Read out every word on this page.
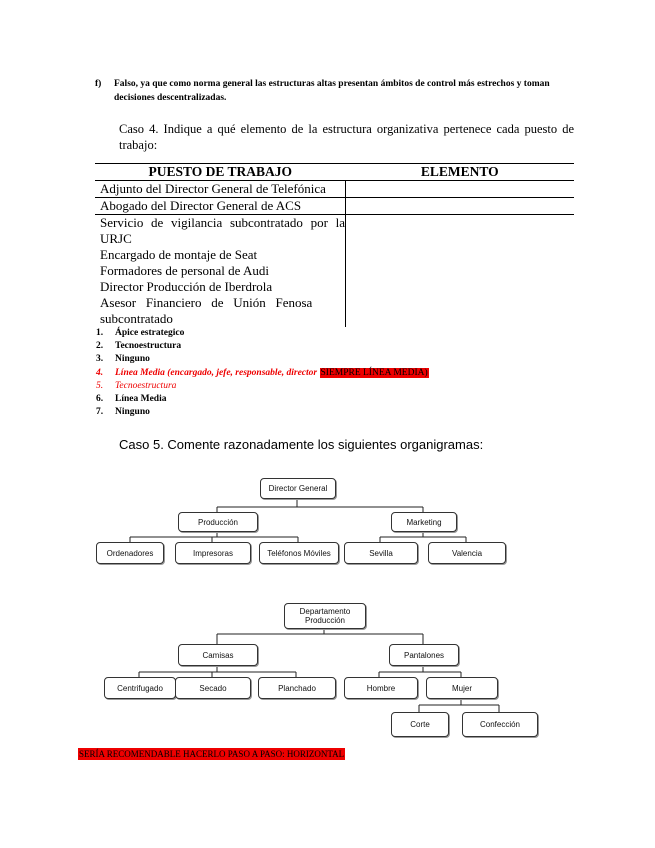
f) Falso, ya que como norma general las estructuras altas presentan ámbitos de control más estrechos y toman decisiones descentralizadas.
Caso 4. Indique a qué elemento de la estructura organizativa pertenece cada puesto de trabajo:
PUESTO DE TRABAJO	ELEMENTO
Adjunto del Director General de Telefónica	
Abogado del Director General de ACS	
Servicio de vigilancia subcontratado por la	
URJC	
Encargado de montaje de Seat	
Formadores de personal de Audi	
Director Producción de Iberdrola	
Asesor   Financiero   de   Unión   Fenosa	
subcontratado	
1. Ápice estrategico
2. Tecnoestructura
3. Ninguno
4. Línea Media (encargado, jefe, responsable, director SIEMPRE LÍNEA MEDIA)
5. Tecnoestructura
6. Línea Media
7. Ninguno
Caso 5. Comente razonadamente los siguientes organigramas:
Director General
Producción	Marketing
Ordenadores	Impresoras	Teléfonos Móviles	Sevilla	Valencia
Departamento Producción
Camisas	Pantalones
Centrifugado	Secado	Planchado	Hombre	Mujer
Corte	Confección
SERÍA RECOMENDABLE HACERLO PASO A PASO: HORIZONTAL
